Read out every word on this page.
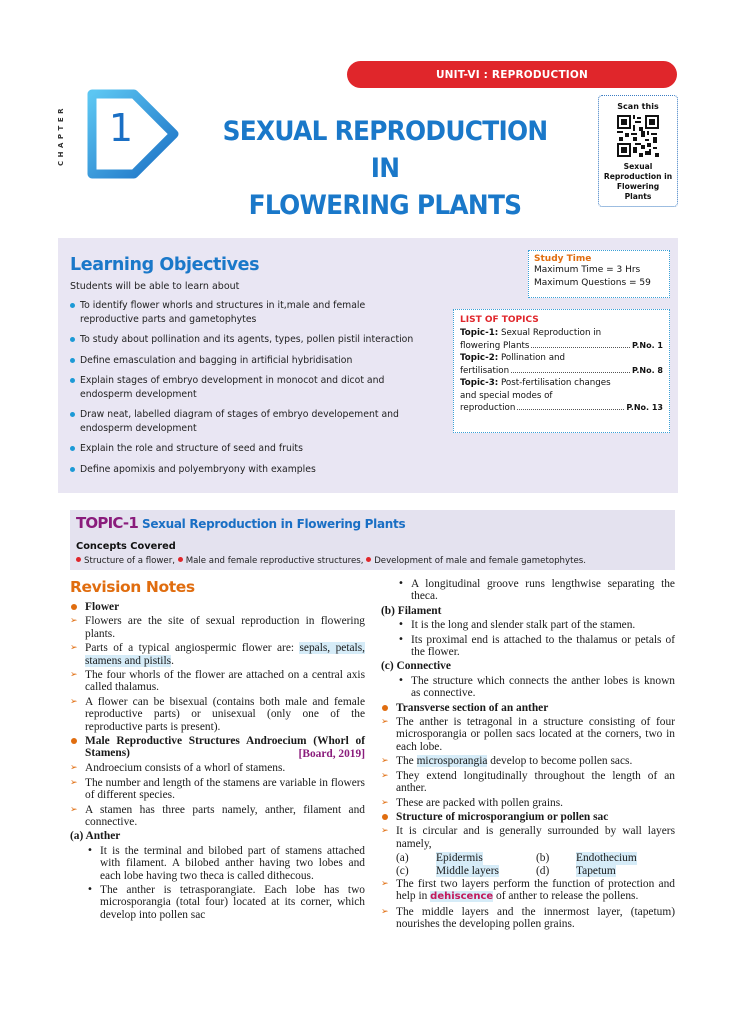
UNIT-VI : REPRODUCTION
CHAPTER	1	SEXUAL REPRODUCTION IN
FLOWERING PLANTS
Scan this
Sexual Reproduction in Flowering Plants
Learning Objectives
Students will be able to learn about
To identify flower whorls and structures in it,male and female reproductive parts and gametophytes
To study about pollination and its agents, types, pollen pistil interaction
Define emasculation and bagging in artificial hybridisation
Explain stages of embryo development in monocot and dicot and endosperm development
Draw neat, labelled diagram of stages of embryo developement and endosperm development
Explain the role and structure of seed and fruits
Define apomixis and polyembryony with examples
Study Time
Maximum Time = 3 Hrs
Maximum Questions = 59
LIST OF TOPICS
Topic-1: Sexual Reproduction in
flowering Plants	P.No. 1
Topic-2: Pollination and
fertilisation	P.No. 8
Topic-3: Post-fertilisation changes
and special modes of
reproduction	P.No. 13
TOPIC-1 Sexual Reproduction in Flowering Plants
Concepts Covered
Structure of a flower, Male and female reproductive structures, Development of male and female gametophytes.
Revision Notes
Flower
➢ Flowers are the site of sexual reproduction in flowering plants.
➢ Parts of a typical angiospermic flower are: sepals, petals, stamens and pistils.
➢ The four whorls of the flower are attached on a central axis called thalamus.
➢ A flower can be bisexual (contains both male and female reproductive parts) or unisexual (only one of the reproductive parts is present).
Male Reproductive Structures Androecium (Whorl of Stamens)	[Board, 2019]
➢ Androecium consists of a whorl of stamens.
➢ The number and length of the stamens are variable in flowers of different species.
➢ A stamen has three parts namely, anther, filament and connective.
(a) Anther
• It is the terminal and bilobed part of stamens attached with filament. A bilobed anther having two lobes and each lobe having two theca is called dithecous.
• The anther is tetrasporangiate. Each lobe has two microsporangia (total four) located at its corner, which develop into pollen sac
• A longitudinal groove runs lengthwise separating the theca.
(b) Filament
• It is the long and slender stalk part of the stamen.
• Its proximal end is attached to the thalamus or petals of the flower.
(c) Connective
• The structure which connects the anther lobes is known as connective.
Transverse section of an anther
➢ The anther is tetragonal in a structure consisting of four microsporangia or pollen sacs located at the corners, two in each lobe.
➢ The microsporangia develop to become pollen sacs.
➢ They extend longitudinally throughout the length of an anther.
➢ These are packed with pollen grains.
Structure of microsporangium or pollen sac
➢ It is circular and is generally surrounded by wall layers namely,
(a)	Epidermis	(b)	Endothecium
(c)	Middle layers	(d)	Tapetum
➢ The first two layers perform the function of protection and help in dehiscence of anther to release the pollens.
➢ The middle layers and the innermost layer, (tapetum) nourishes the developing pollen grains.
